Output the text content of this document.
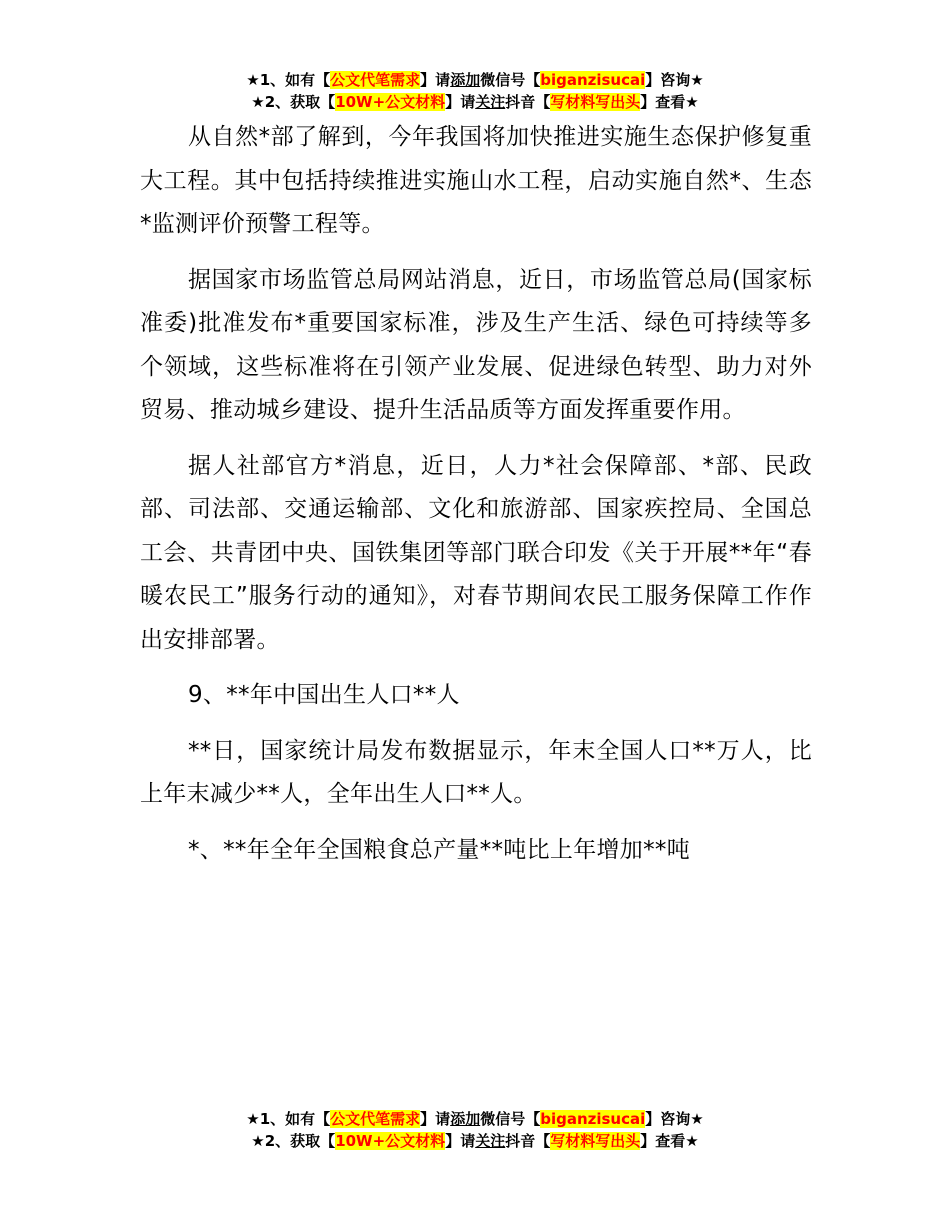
★1、如有【公文代笔需求】请添加微信号【biganzisucai】咨询★
★2、获取【10W+公文材料】请关注抖音【写材料写出头】查看★

从自然*部了解到，今年我国将加快推进实施生态保护修复重大工程。其中包括持续推进实施山水工程，启动实施自然*、生态*监测评价预警工程等。

据国家市场监管总局网站消息，近日，市场监管总局(国家标准委)批准发布*重要国家标准，涉及生产生活、绿色可持续等多个领域，这些标准将在引领产业发展、促进绿色转型、助力对外贸易、推动城乡建设、提升生活品质等方面发挥重要作用。

据人社部官方*消息，近日，人力*社会保障部、*部、民政部、司法部、交通运输部、文化和旅游部、国家疾控局、全国总工会、共青团中央、国铁集团等部门联合印发《关于开展**年“春暖农民工”服务行动的通知》，对春节期间农民工服务保障工作作出安排部署。

9、**年中国出生人口**人

**日，国家统计局发布数据显示，年末全国人口**万人，比上年末减少**人，全年出生人口**人。

*、**年全年全国粮食总产量**吨比上年增加**吨

★1、如有【公文代笔需求】请添加微信号【biganzisucai】咨询★
★2、获取【10W+公文材料】请关注抖音【写材料写出头】查看★
